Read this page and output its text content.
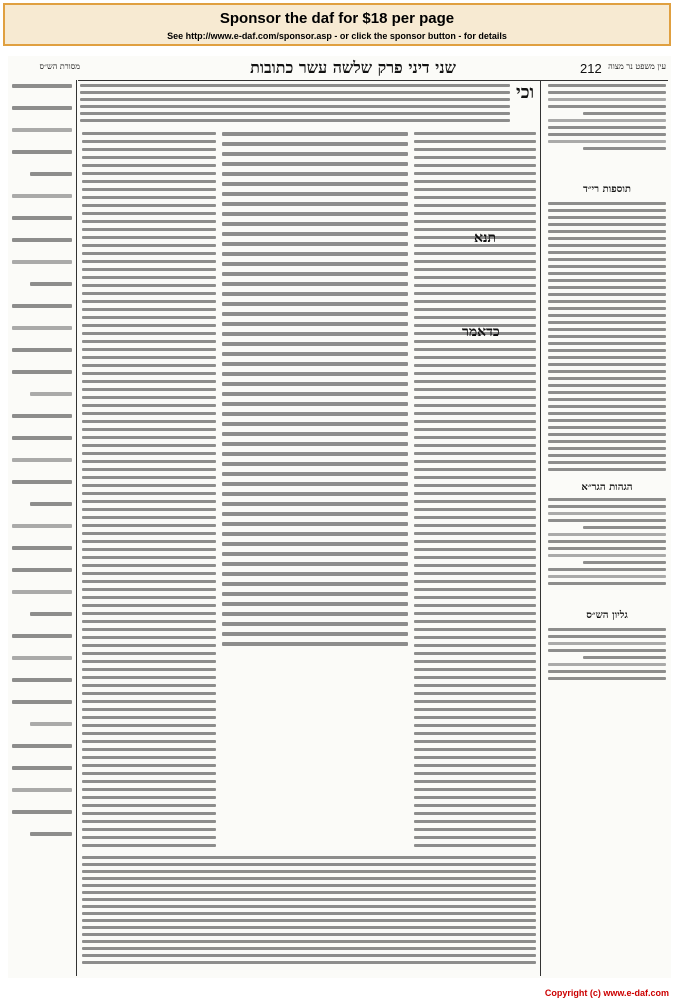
Sponsor the daf for $18 per page
See http://www.e-daf.com/sponsor.asp - or click the sponsor button - for details
עין משפט נר מצוה
212
שני דיני פרק שלשה עשר כתובות
מסורת הש״ס
וכי
תנא
כדאמר
תוספות רי״ד
הגהות הגר״א
גליון הש״ס
Copyright (c) www.e-daf.com
